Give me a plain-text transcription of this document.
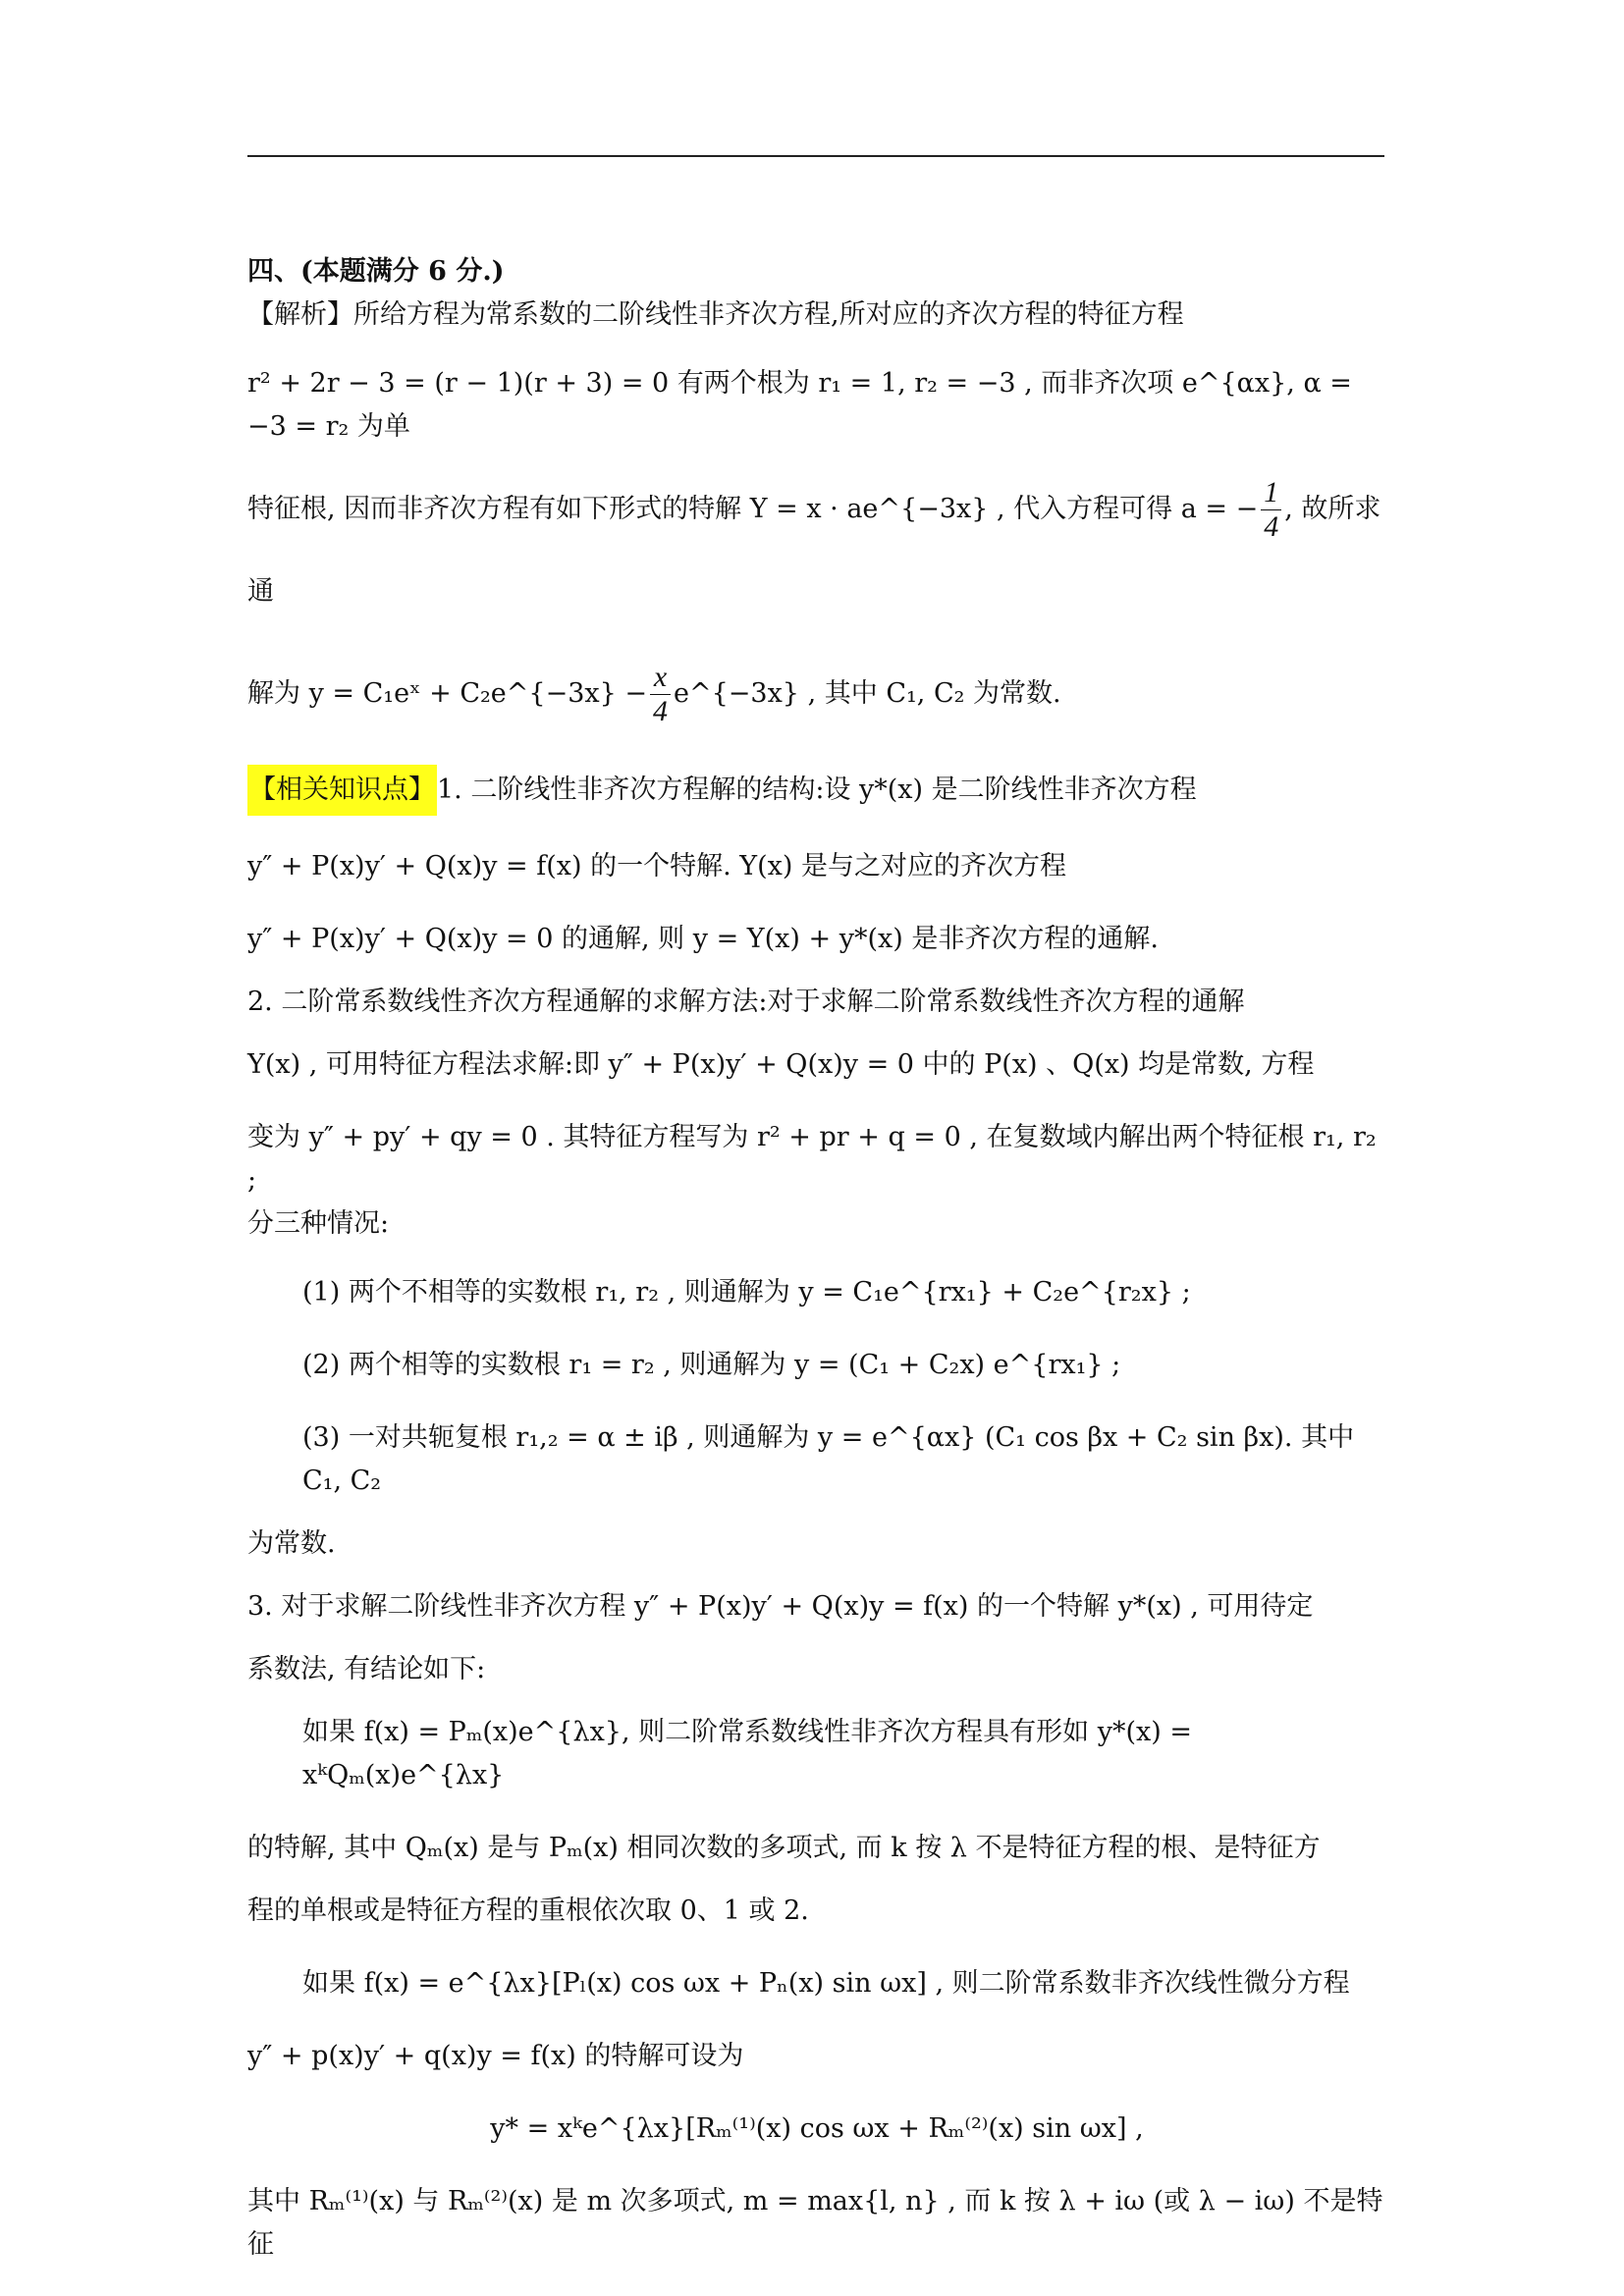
四、(本题满分 6 分.)

【解析】所给方程为常系数的二阶线性非齐次方程,所对应的齐次方程的特征方程

r² + 2r − 3 = (r − 1)(r + 3) = 0 有两个根为 r₁ = 1, r₂ = −3 , 而非齐次项 e^{αx}, α = −3 = r₂ 为单

特征根, 因而非齐次方程有如下形式的特解 Y = x · ae^{−3x} , 代入方程可得 a = − $\frac{1}{4}$ , 故所求通

解为 y = C₁eˣ + C₂e^{−3x} − $\frac{x}{4}$ e^{−3x} , 其中 C₁, C₂ 为常数.

【相关知识点】1. 二阶线性非齐次方程解的结构:设 y*(x) 是二阶线性非齐次方程

y″ + P(x)y′ + Q(x)y = f(x) 的一个特解. Y(x) 是与之对应的齐次方程

y″ + P(x)y′ + Q(x)y = 0 的通解, 则 y = Y(x) + y*(x) 是非齐次方程的通解.

2. 二阶常系数线性齐次方程通解的求解方法:对于求解二阶常系数线性齐次方程的通解

Y(x) , 可用特征方程法求解:即 y″ + P(x)y′ + Q(x)y = 0 中的 P(x) 、Q(x) 均是常数, 方程

变为 y″ + py′ + qy = 0 . 其特征方程写为 r² + pr + q = 0 , 在复数域内解出两个特征根 r₁, r₂ ;

分三种情况:

(1) 两个不相等的实数根 r₁, r₂ , 则通解为 y = C₁e^{rx₁} + C₂e^{r₂x} ;

(2) 两个相等的实数根 r₁ = r₂ , 则通解为 y = (C₁ + C₂x) e^{rx₁} ;

(3) 一对共轭复根 r₁,₂ = α ± iβ , 则通解为 y = e^{αx} (C₁ cos βx + C₂ sin βx). 其中 C₁, C₂

为常数.

3. 对于求解二阶线性非齐次方程 y″ + P(x)y′ + Q(x)y = f(x) 的一个特解 y*(x) , 可用待定

系数法, 有结论如下:

如果 f(x) = Pₘ(x)e^{λx}, 则二阶常系数线性非齐次方程具有形如 y*(x) = xᵏQₘ(x)e^{λx}

的特解, 其中 Qₘ(x) 是与 Pₘ(x) 相同次数的多项式, 而 k 按 λ 不是特征方程的根、是特征方

程的单根或是特征方程的重根依次取 0、1 或 2.

如果 f(x) = e^{λx}[Pₗ(x) cos ωx + Pₙ(x) sin ωx] , 则二阶常系数非齐次线性微分方程

y″ + p(x)y′ + q(x)y = f(x) 的特解可设为

y* = xᵏe^{λx}[Rₘ⁽¹⁾(x) cos ωx + Rₘ⁽²⁾(x) sin ωx] ,

其中 Rₘ⁽¹⁾(x) 与 Rₘ⁽²⁾(x) 是 m 次多项式, m = max{l, n} , 而 k 按 λ + iω (或 λ − iω) 不是特征
